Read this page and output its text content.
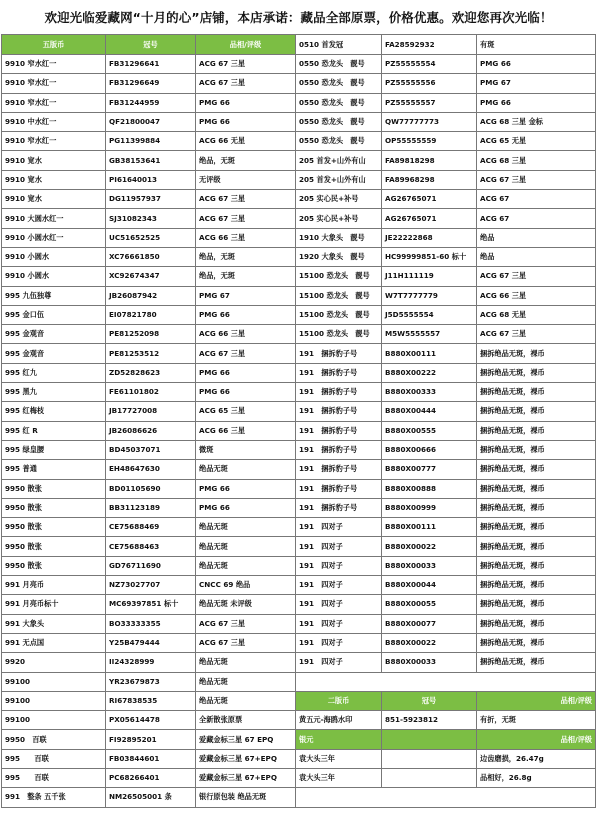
欢迎光临爱藏网“十月的心”店铺，本店承诺：藏品全部原票，价格优惠。欢迎您再次光临！
五版币	冠号	品相/评级	0510 首发冠	FA28592932	有斑
9910 窄水红一	FB31296641	ACG 67 三星	0550 恐龙头　靓号	PZ55555554	PMG 66
9910 窄水红一	FB31296649	ACG 67 三星	0550 恐龙头　靓号	PZ55555556	PMG 67
9910 窄水红一	FB31244959	PMG 66	0550 恐龙头　靓号	PZ55555557	PMG 66
9910 中水红一	QF21800047	PMG 66	0550 恐龙头　靓号	QW77777773	ACG 68 三星 金标
9910 窄水红一	PG11399884	ACG 66 无星	0550 恐龙头　靓号	OP55555559	ACG 65 无星
9910 宽水	GB38153641	绝品，无斑	205 首发+山外有山	FA89818298	ACG 68 三星
9910 宽水	PI61640013	无评级	205 首发+山外有山	FA89968298	ACG 67 三星
9910 宽水	DG11957937	ACG 67 三星	205 实心民+补号	AG26765071	ACG 67
9910 大圆水红一	SJ31082343	ACG 67 三星	205 实心民+补号	AG26765071	ACG 67
9910 小圆水红一	UC51652525	ACG 66 三星	1910 大象头　靓号	JE22222868	绝品
9910 小圆水	XC76661850	绝品，无斑	1920 大象头　靓号	HC99999851-60 标十	绝品
9910 小圆水	XC92674347	绝品，无斑	15100 恐龙头　靓号	J11H111119	ACG 67 三星
995 九伍独尊	JB26087942	PMG 67	15100 恐龙头　靓号	W7T7777779	ACG 66 三星
995 金口伍	EI07821780	PMG 66	15100 恐龙头　靓号	J5D5555554	ACG 68 无星
995 金观音	PE81252098	ACG 66 三星	15100 恐龙头　靓号	M5W5555557	ACG 67 三星
995 金观音	PE81253512	ACG 67 三星	191　捆拆豹子号	B880X00111	捆拆绝品无斑，裸币
995 红九	ZD52828623	PMG 66	191　捆拆豹子号	B880X00222	捆拆绝品无斑，裸币
995 黑九	FE61101802	PMG 66	191　捆拆豹子号	B880X00333	捆拆绝品无斑，裸币
995 红梅枝	JB17727008	ACG 65 三星	191　捆拆豹子号	B880X00444	捆拆绝品无斑，裸币
995 红 R	JB26086626	ACG 66 三星	191　捆拆豹子号	B880X00555	捆拆绝品无斑，裸币
995 绿皇腰	BD45037071	微斑	191　捆拆豹子号	B880X00666	捆拆绝品无斑，裸币
995 普通	EH48647630	绝品无斑	191　捆拆豹子号	B880X00777	捆拆绝品无斑，裸币
9950 散张	BD01105690	PMG 66	191　捆拆豹子号	B880X00888	捆拆绝品无斑，裸币
9950 散张	BB31123189	PMG 66	191　捆拆豹子号	B880X00999	捆拆绝品无斑，裸币
9950 散张	CE75688469	绝品无斑	191　四对子	B880X00111	捆拆绝品无斑，裸币
9950 散张	CE75688463	绝品无斑	191　四对子	B880X00022	捆拆绝品无斑，裸币
9950 散张	GD76711690	绝品无斑	191　四对子	B880X00033	捆拆绝品无斑，裸币
991 月亮币	NZ73027707	CNCC 69 绝品	191　四对子	B880X00044	捆拆绝品无斑，裸币
991 月亮币标十	MC69397851 标十	绝品无斑 未评级	191　四对子	B880X00055	捆拆绝品无斑，裸币
991 大象头	BO33333355	ACG 67 三星	191　四对子	B880X00077	捆拆绝品无斑，裸币
991 无点国	Y25B479444	ACG 67 三星	191　四对子	B880X00022	捆拆绝品无斑，裸币
9920	II24328999	绝品无斑	191　四对子	B880X00033	捆拆绝品无斑，裸币
99100	YR23679873	绝品无斑			
99100	RI67838535	绝品无斑	二版币	冠号	品相/评级
99100	PX05614478	全新散张原票	黄五元-海鸥水印	851-5923812	有折，无斑
9950　百联	FI92895201	爱藏金标三星 67 EPQ	银元		品相/评级
995　　百联	FB03844601	爱藏金标三星 67+EPQ	袁大头三年		边齿磨损，26.47g
995　　百联	PC68266401	爱藏金标三星 67+EPQ	袁大头三年		品相好，26.8g
991　整条 五千张	NM26505001 条	银行原包装 绝品无斑			
